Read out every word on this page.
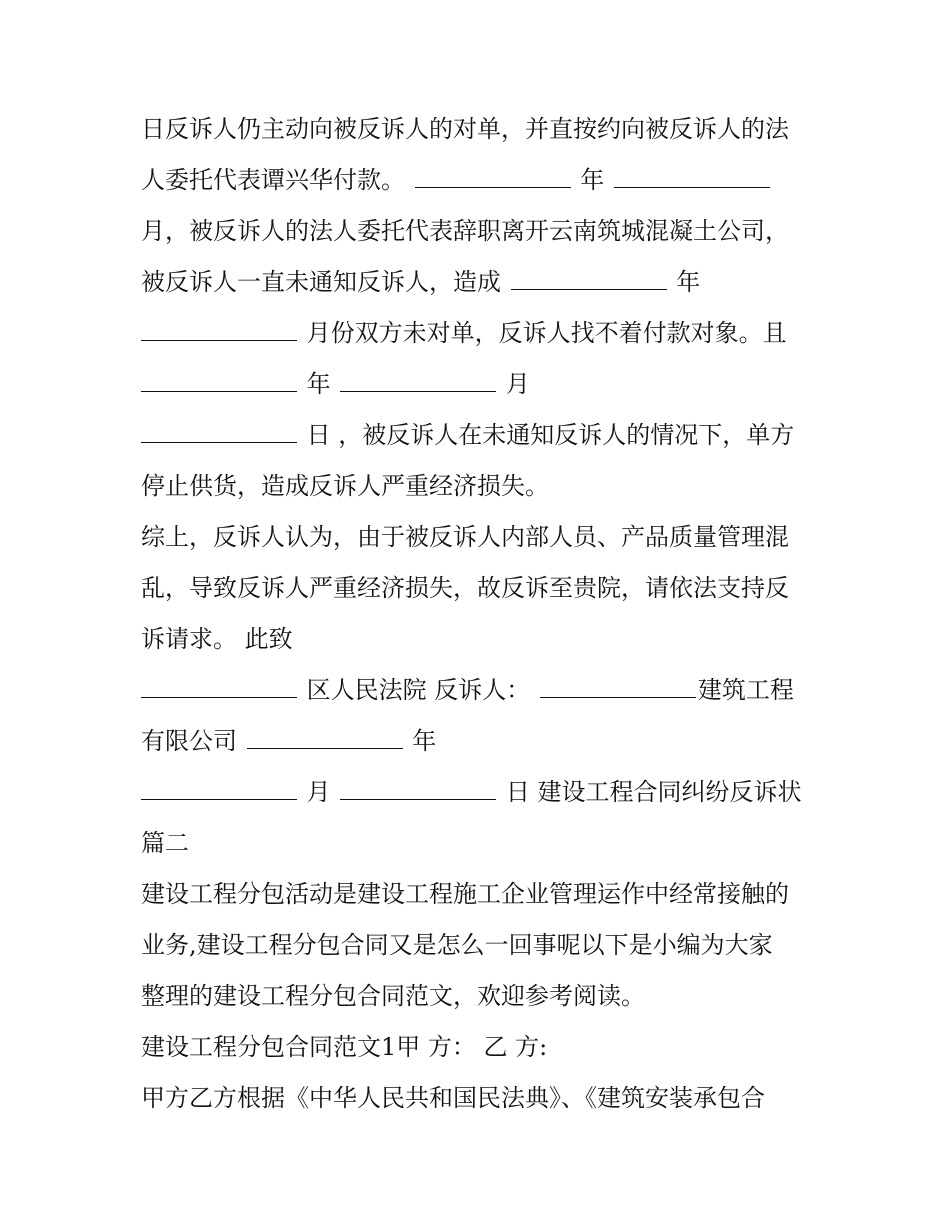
日反诉人仍主动向被反诉人的对单，并直按约向被反诉人的法
人委托代表谭兴华付款。	年
月，被反诉人的法人委托代表辞职离开云南筑城混凝土公司，
被反诉人一直未通知反诉人，造成	年
月份双方未对单，反诉人找不着付款对象。且
年	月
日 ，被反诉人在未通知反诉人的情况下，单方
停止供货，造成反诉人严重经济损失。
综上，反诉人认为，由于被反诉人内部人员、产品质量管理混
乱，导致反诉人严重经济损失，故反诉至贵院，请依法支持反
诉请求。 此致
区人民法院 反诉人：	建筑工程
有限公司	年
月	日 建设工程合同纠纷反诉状
篇二
建设工程分包活动是建设工程施工企业管理运作中经常接触的
业务,建设工程分包合同又是怎么一回事呢以下是小编为大家
整理的建设工程分包合同范文，欢迎参考阅读。
建设工程分包合同范文1甲 方： 乙 方:
甲方乙方根据《中华人民共和国民法典》、《建筑安装承包合
